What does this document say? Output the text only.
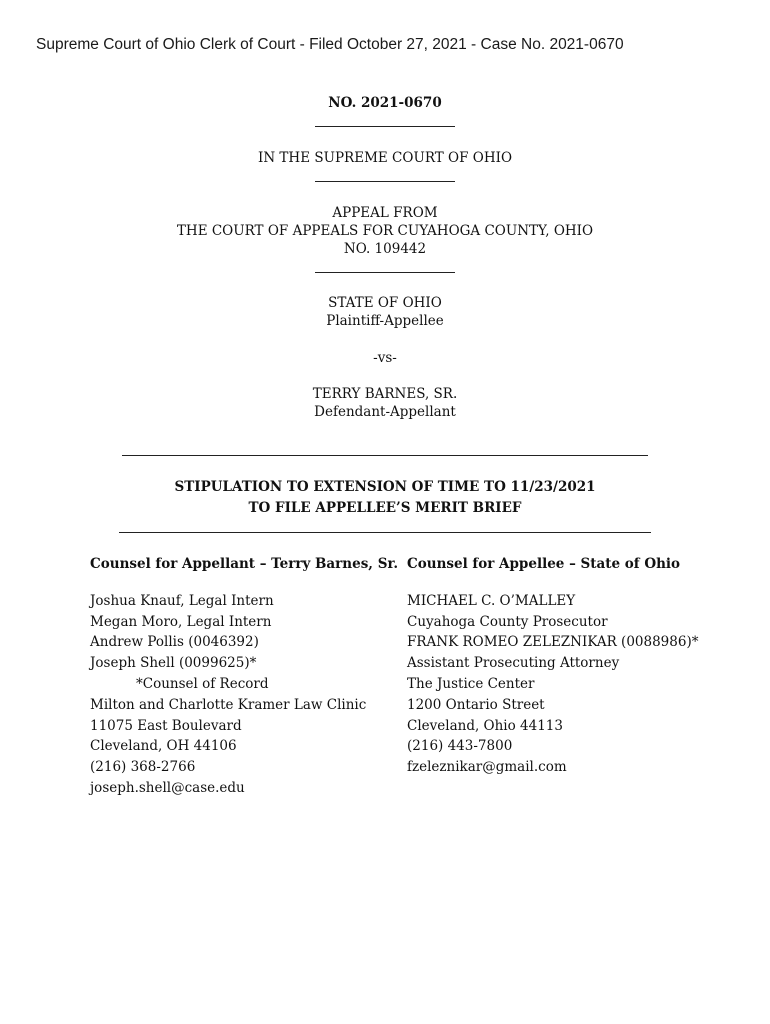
Supreme Court of Ohio Clerk of Court - Filed October 27, 2021 - Case No. 2021-0670
NO. 2021-0670
IN THE SUPREME COURT OF OHIO
APPEAL FROM
THE COURT OF APPEALS FOR CUYAHOGA COUNTY, OHIO
NO. 109442
STATE OF OHIO
Plaintiff-Appellee
-vs-
TERRY BARNES, SR.
Defendant-Appellant
STIPULATION TO EXTENSION OF TIME TO 11/23/2021
TO FILE APPELLEE’S MERIT BRIEF
Counsel for Appellant – Terry Barnes, Sr.
Joshua Knauf, Legal Intern
Megan Moro, Legal Intern
Andrew Pollis (0046392)
Joseph Shell (0099625)*
*Counsel of Record
Milton and Charlotte Kramer Law Clinic
11075 East Boulevard
Cleveland, OH 44106
(216) 368-2766
joseph.shell@case.edu
Counsel for Appellee – State of Ohio
MICHAEL C. O’MALLEY
Cuyahoga County Prosecutor
FRANK ROMEO ZELEZNIKAR (0088986)*
Assistant Prosecuting Attorney
The Justice Center
1200 Ontario Street
Cleveland, Ohio 44113
(216) 443-7800
fzeleznikar@gmail.com
